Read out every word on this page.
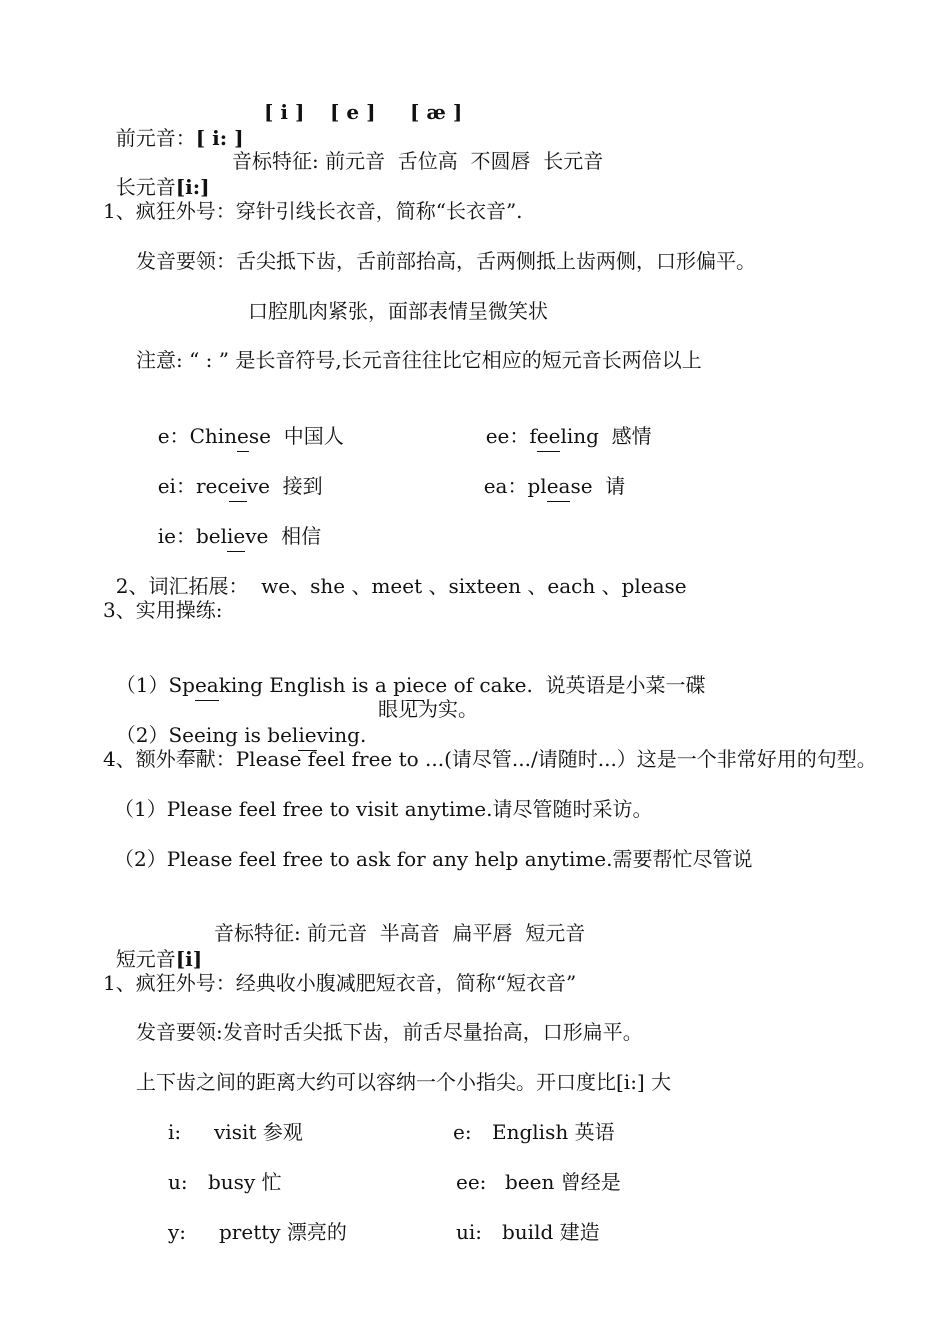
前元音：[ i: ]

[ i ] [ e ] [ æ ]

长元音[i:]

音标特征: 前元音  舌位高  不圆唇  长元音
1、疯狂外号：穿针引线长衣音，简称“长衣音”.
发音要领：舌尖抵下齿，舌前部抬高，舌两侧抵上齿两侧，口形偏平。
口腔肌肉紧张，面部表情呈微笑状
注意: “ : ” 是长音符号,长元音往往比它相应的短元音长两倍以上

e：Chinese 中国人	ee：feeling 感情

ei：receive 接到	ea：please 请

ie：believe 相信

2、词汇拓展： we、she 、meet 、sixteen 、each 、please

3、实用操练:

（1）Speaking English is a piece of cake.  说英语是小菜一碟

（2）Seeing is believing.

眼见为实。
4、额外奉献：Please feel free to ...(请尽管.../请随时...）这是一个非常好用的句型。
（1）Please feel free to visit anytime.请尽管随时采访。
（2）Please feel free to ask for any help anytime.需要帮忙尽管说

短元音[i]

音标特征: 前元音  半高音  扁平唇  短元音
1、疯狂外号：经典收小腹减肥短衣音，简称“短衣音”
发音要领:发音时舌尖抵下齿，前舌尽量抬高，口形扁平。
上下齿之间的距离大约可以容纳一个小指尖。开口度比[i:] 大
i: visit 参观	e: English 英语
u: busy 忙	ee: been 曾经是
y: pretty 漂亮的	ui: build 建造
